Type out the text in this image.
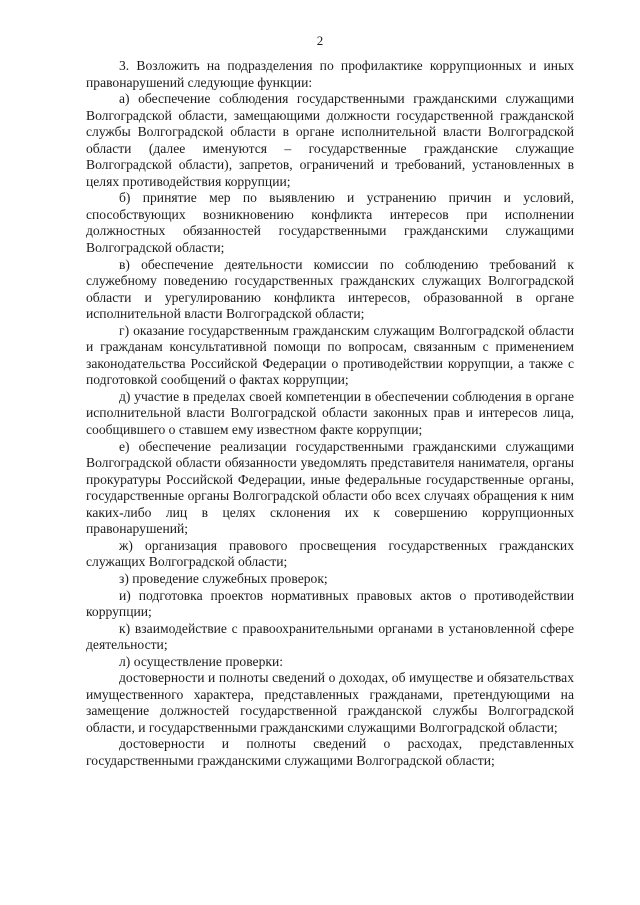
2

3. Возложить на подразделения по профилактике коррупционных и иных правонарушений следующие функции:

а) обеспечение соблюдения государственными гражданскими служащими Волгоградской области, замещающими должности государственной гражданской службы Волгоградской области в органе исполнительной власти Волгоградской области (далее именуются – государственные гражданские служащие Волгоградской области), запретов, ограничений и требований, установленных в целях противодействия коррупции;

б) принятие мер по выявлению и устранению причин и условий, способствующих возникновению конфликта интересов при исполнении должностных обязанностей государственными гражданскими служащими Волгоградской области;

в) обеспечение деятельности комиссии по соблюдению требований к служебному поведению государственных гражданских служащих Волгоградской области и урегулированию конфликта интересов, образованной в органе исполнительной власти Волгоградской области;

г) оказание государственным гражданским служащим Волгоградской области и гражданам консультативной помощи по вопросам, связанным с применением законодательства Российской Федерации о противодействии коррупции, а также с подготовкой сообщений о фактах коррупции;

д) участие в пределах своей компетенции в обеспечении соблюдения в органе исполнительной власти Волгоградской области законных прав и интересов лица, сообщившего о ставшем ему известном факте коррупции;

е) обеспечение реализации государственными гражданскими служащими Волгоградской области обязанности уведомлять представителя нанимателя, органы прокуратуры Российской Федерации, иные федеральные государственные органы, государственные органы Волгоградской области обо всех случаях обращения к ним каких-либо лиц в целях склонения их к совершению коррупционных правонарушений;

ж) организация правового просвещения государственных гражданских служащих Волгоградской области;

з) проведение служебных проверок;

и) подготовка проектов нормативных правовых актов о противодействии коррупции;

к) взаимодействие с правоохранительными органами в установленной сфере деятельности;

л) осуществление проверки:

достоверности и полноты сведений о доходах, об имуществе и обязательствах имущественного характера, представленных гражданами, претендующими на замещение должностей государственной гражданской службы Волгоградской области, и государственными гражданскими служащими Волгоградской области;

достоверности и полноты сведений о расходах, представленных государственными гражданскими служащими Волгоградской области;
